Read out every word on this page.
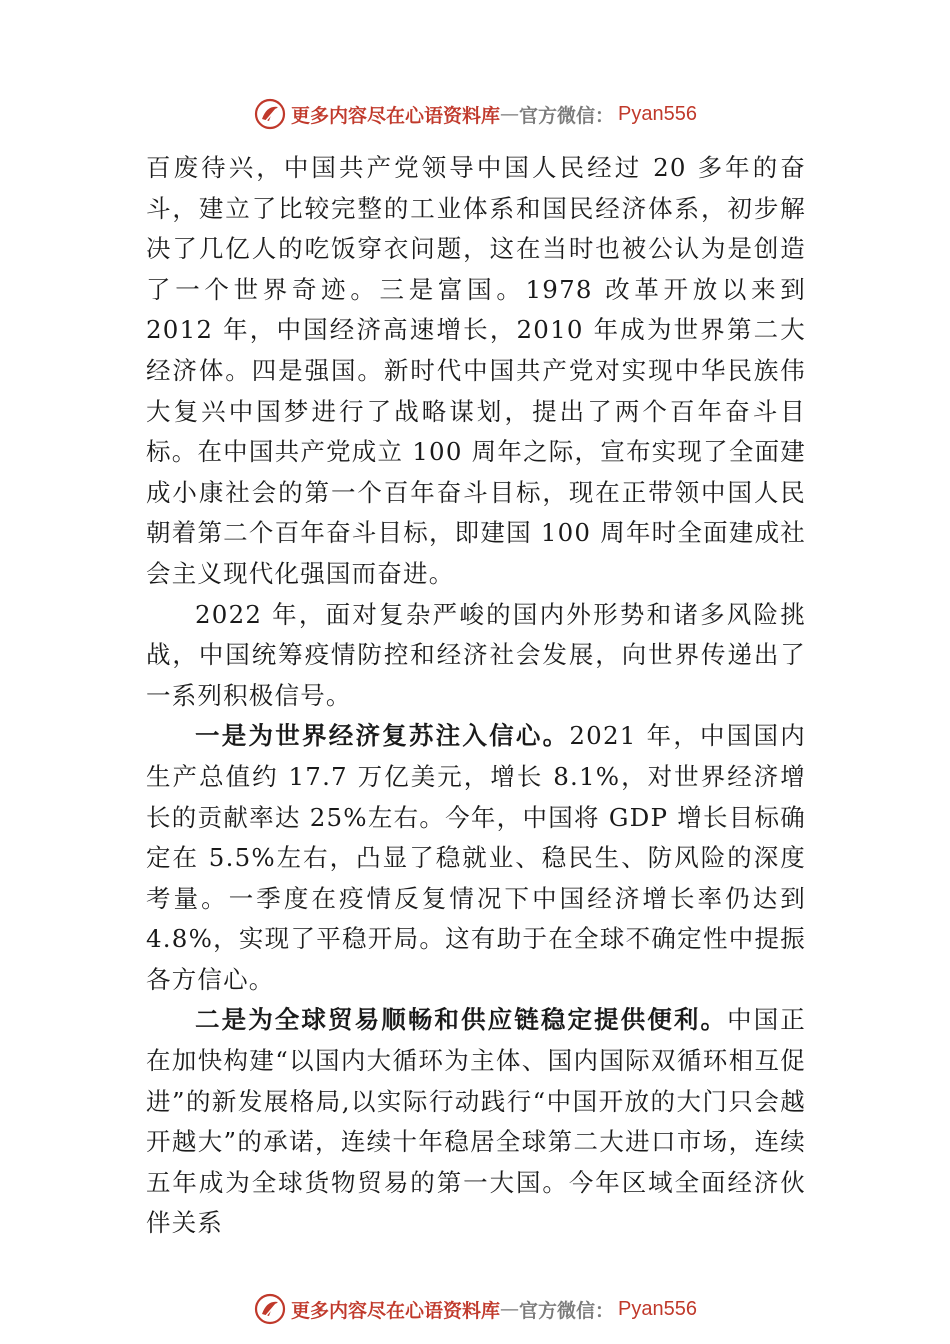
更多内容尽在心语资料库 — 官方微信： Pyan556

百废待兴，中国共产党领导中国人民经过 20 多年的奋斗，建立了比较完整的工业体系和国民经济体系，初步解决了几亿人的吃饭穿衣问题，这在当时也被公认为是创造了一个世界奇迹。三是富国。1978 改革开放以来到 2012 年，中国经济高速增长，2010 年成为世界第二大经济体。四是强国。新时代中国共产党对实现中华民族伟大复兴中国梦进行了战略谋划，提出了两个百年奋斗目标。在中国共产党成立 100 周年之际，宣布实现了全面建成小康社会的第一个百年奋斗目标，现在正带领中国人民朝着第二个百年奋斗目标，即建国 100 周年时全面建成社会主义现代化强国而奋进。

2022 年，面对复杂严峻的国内外形势和诸多风险挑战，中国统筹疫情防控和经济社会发展，向世界传递出了一系列积极信号。

一是为世界经济复苏注入信心。2021 年，中国国内生产总值约 17.7 万亿美元，增长 8.1%，对世界经济增长的贡献率达 25%左右。今年，中国将 GDP 增长目标确定在 5.5%左右，凸显了稳就业、稳民生、防风险的深度考量。一季度在疫情反复情况下中国经济增长率仍达到 4.8%，实现了平稳开局。这有助于在全球不确定性中提振各方信心。

二是为全球贸易顺畅和供应链稳定提供便利。中国正在加快构建“以国内大循环为主体、国内国际双循环相互促进”的新发展格局,以实际行动践行“中国开放的大门只会越开越大”的承诺，连续十年稳居全球第二大进口市场，连续五年成为全球货物贸易的第一大国。今年区域全面经济伙伴关系

更多内容尽在心语资料库 — 官方微信： Pyan556
